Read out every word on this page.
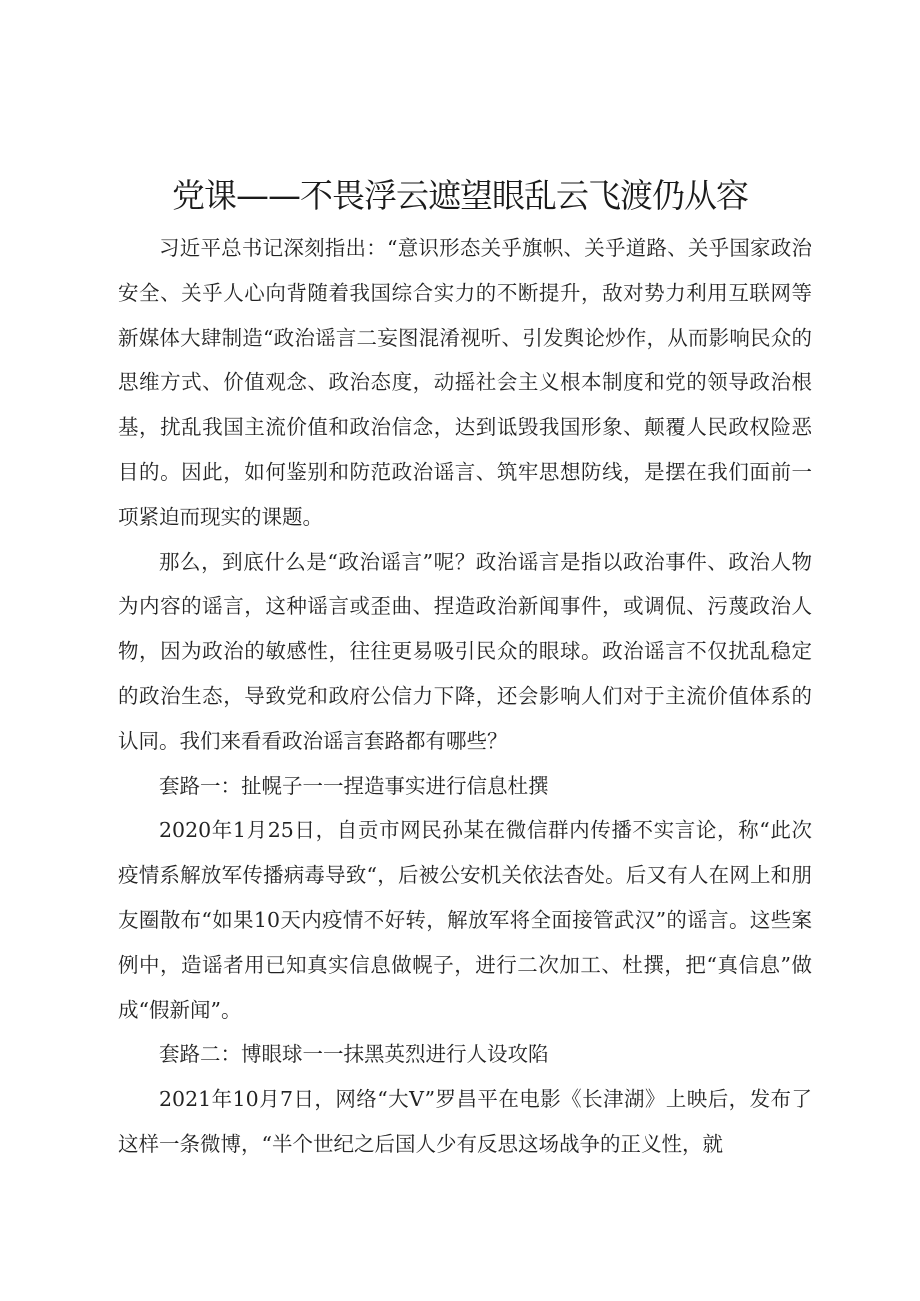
党课——不畏浮云遮望眼乱云飞渡仍从容

习近平总书记深刻指出：“意识形态关乎旗帜、关乎道路、关乎国家政治安全、关乎人心向背随着我国综合实力的不断提升，敌对势力利用互联网等新媒体大肆制造“政治谣言二妄图混淆视听、引发舆论炒作，从而影响民众的思维方式、价值观念、政治态度，动摇社会主义根本制度和党的领导政治根基，扰乱我国主流价值和政治信念，达到诋毁我国形象、颠覆人民政权险恶目的。因此，如何鉴别和防范政治谣言、筑牢思想防线，是摆在我们面前一项紧迫而现实的课题。

那么，到底什么是“政治谣言”呢？政治谣言是指以政治事件、政治人物为内容的谣言，这种谣言或歪曲、捏造政治新闻事件，或调侃、污蔑政治人物，因为政治的敏感性，往往更易吸引民众的眼球。政治谣言不仅扰乱稳定的政治生态，导致党和政府公信力下降，还会影响人们对于主流价值体系的认同。我们来看看政治谣言套路都有哪些？

套路一：扯幌子一一捏造事实进行信息杜撰

2020年1月25日，自贡市网民孙某在微信群内传播不实言论，称“此次疫情系解放军传播病毒导致“，后被公安机关依法杳处。后又有人在网上和朋友圈散布“如果10天内疫情不好转，解放军将全面接管武汉”的谣言。这些案例中，造谣者用已知真实信息做幌子，进行二次加工、杜撰，把“真信息”做成“假新闻”。

套路二：博眼球一一抹黑英烈进行人设攻陷

2021年10月7日，网络“大V”罗昌平在电影《长津湖》上映后，发布了这样一条微博，“半个世纪之后国人少有反思这场战争的正义性，就
